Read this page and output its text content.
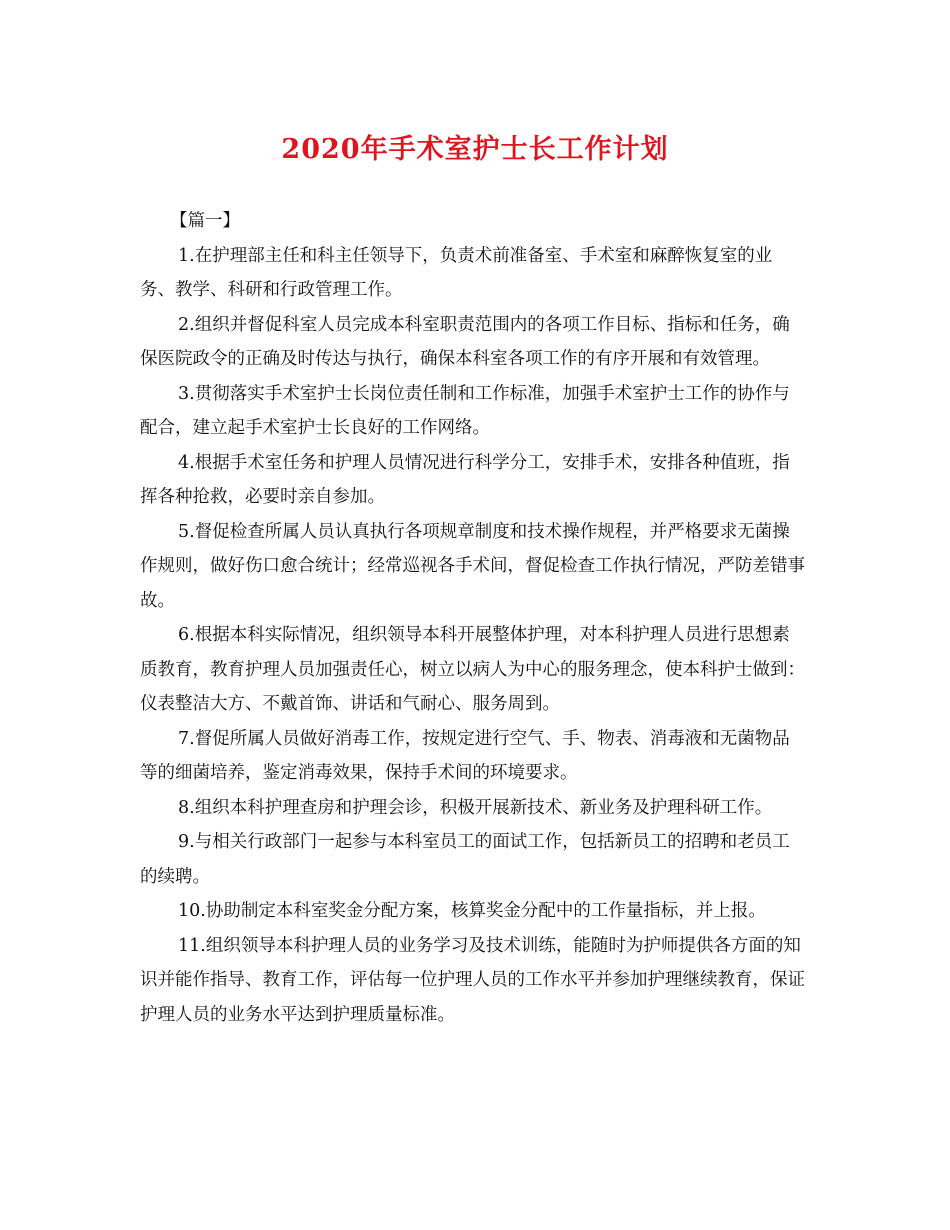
2020年手术室护士长工作计划

【篇一】

1.在护理部主任和科主任领导下，负责术前准备室、手术室和麻醉恢复室的业务、教学、科研和行政管理工作。

2.组织并督促科室人员完成本科室职责范围内的各项工作目标、指标和任务，确保医院政令的正确及时传达与执行，确保本科室各项工作的有序开展和有效管理。

3.贯彻落实手术室护士长岗位责任制和工作标准，加强手术室护士工作的协作与配合，建立起手术室护士长良好的工作网络。

4.根据手术室任务和护理人员情况进行科学分工，安排手术，安排各种值班，指挥各种抢救，必要时亲自参加。

5.督促检查所属人员认真执行各项规章制度和技术操作规程，并严格要求无菌操作规则，做好伤口愈合统计；经常巡视各手术间，督促检查工作执行情况，严防差错事故。

6.根据本科实际情况，组织领导本科开展整体护理，对本科护理人员进行思想素质教育，教育护理人员加强责任心，树立以病人为中心的服务理念，使本科护士做到：仪表整洁大方、不戴首饰、讲话和气耐心、服务周到。

7.督促所属人员做好消毒工作，按规定进行空气、手、物表、消毒液和无菌物品等的细菌培养，鉴定消毒效果，保持手术间的环境要求。

8.组织本科护理查房和护理会诊，积极开展新技术、新业务及护理科研工作。

9.与相关行政部门一起参与本科室员工的面试工作，包括新员工的招聘和老员工的续聘。

10.协助制定本科室奖金分配方案，核算奖金分配中的工作量指标，并上报。

11.组织领导本科护理人员的业务学习及技术训练，能随时为护师提供各方面的知识并能作指导、教育工作，评估每一位护理人员的工作水平并参加护理继续教育，保证护理人员的业务水平达到护理质量标准。
